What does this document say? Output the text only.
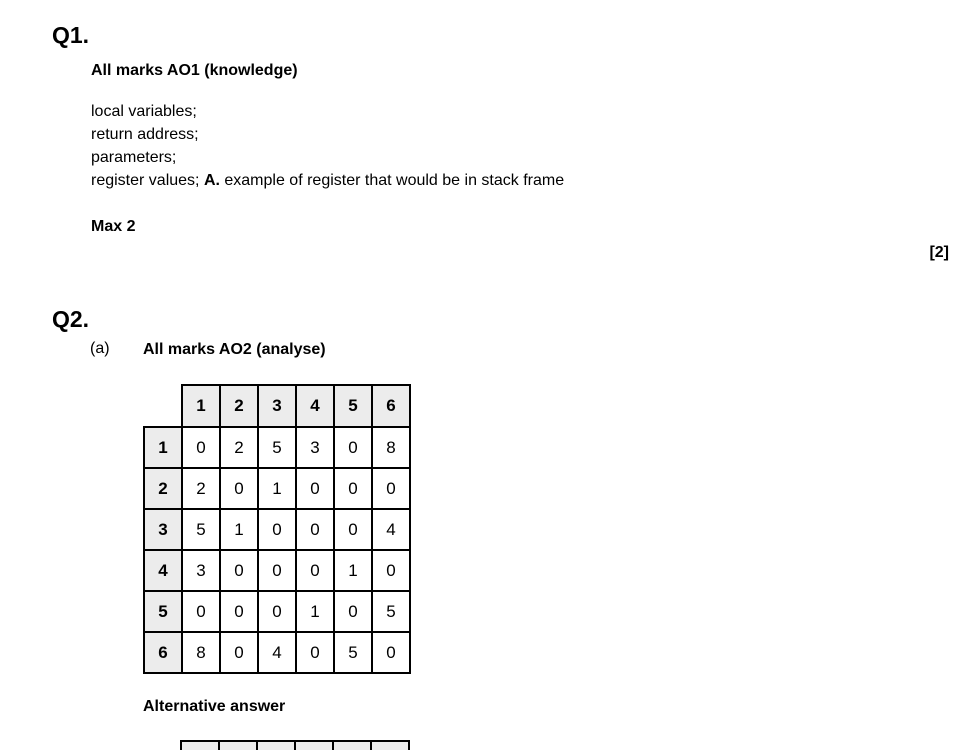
Q1.
All marks AO1 (knowledge)
local variables;
return address;
parameters;
register values; A. example of register that would be in stack frame
Max 2
[2]
Q2.
(a) All marks AO2 (analyse)
	1	2	3	4	5	6
1	0	2	5	3	0	8
2	2	0	1	0	0	0
3	5	1	0	0	0	4
4	3	0	0	0	1	0
5	0	0	0	1	0	5
6	8	0	4	0	5	0
Alternative answer
